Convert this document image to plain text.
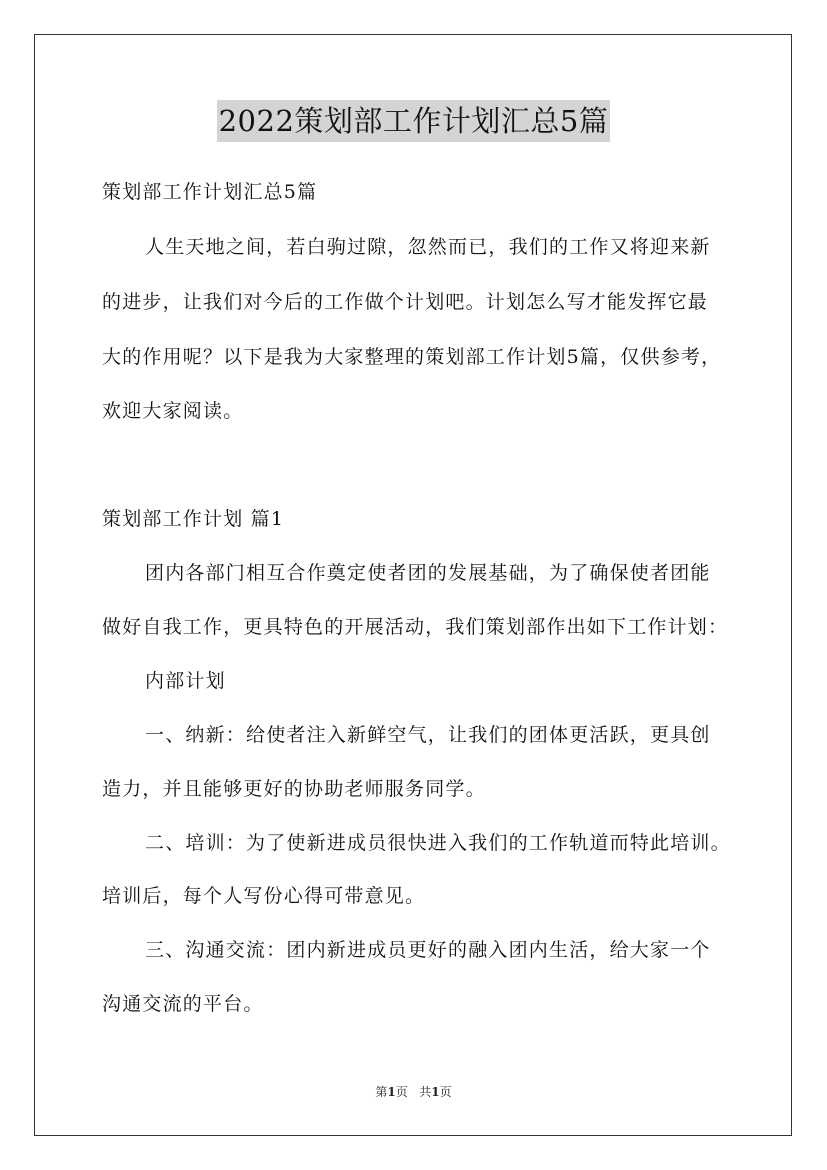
2022策划部工作计划汇总5篇
策划部工作计划汇总5篇
人生天地之间，若白驹过隙，忽然而已，我们的工作又将迎来新
的进步，让我们对今后的工作做个计划吧。计划怎么写才能发挥它最
大的作用呢？以下是我为大家整理的策划部工作计划5篇，仅供参考，
欢迎大家阅读。
策划部工作计划 篇1
团内各部门相互合作奠定使者团的发展基础，为了确保使者团能
做好自我工作，更具特色的开展活动，我们策划部作出如下工作计划：
内部计划
一、纳新：给使者注入新鲜空气，让我们的团体更活跃，更具创
造力，并且能够更好的协助老师服务同学。
二、培训：为了使新进成员很快进入我们的工作轨道而特此培训。
培训后，每个人写份心得可带意见。
三、沟通交流：团内新进成员更好的融入团内生活，给大家一个
沟通交流的平台。
第1页 共1页
